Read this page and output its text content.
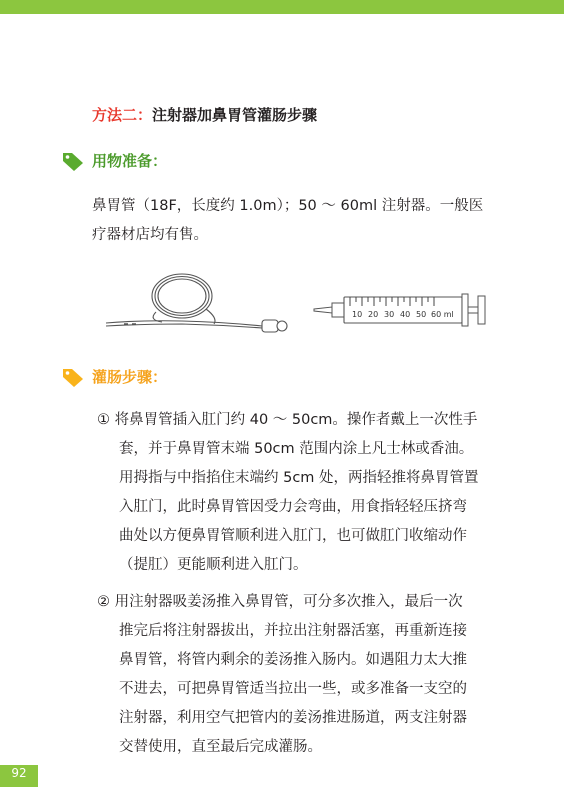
方法二：注射器加鼻胃管灌肠步骤
用物准备：
鼻胃管（18F，长度约 1.0m）；50 ～ 60ml 注射器。一般医
疗器材店均有售。
10 20 30 40 50 60 ml
灌肠步骤：
① 将鼻胃管插入肛门约 40 ～ 50cm。操作者戴上一次性手
套，并于鼻胃管末端 50cm 范围内涂上凡士林或香油。
用拇指与中指掐住末端约 5cm 处，两指轻推将鼻胃管置
入肛门，此时鼻胃管因受力会弯曲，用食指轻轻压挤弯
曲处以方便鼻胃管顺利进入肛门，也可做肛门收缩动作
（提肛）更能顺利进入肛门。
② 用注射器吸姜汤推入鼻胃管，可分多次推入，最后一次
推完后将注射器拔出，并拉出注射器活塞，再重新连接
鼻胃管，将管内剩余的姜汤推入肠内。如遇阻力太大推
不进去，可把鼻胃管适当拉出一些，或多准备一支空的
注射器，利用空气把管内的姜汤推进肠道，两支注射器
交替使用，直至最后完成灌肠。
92
